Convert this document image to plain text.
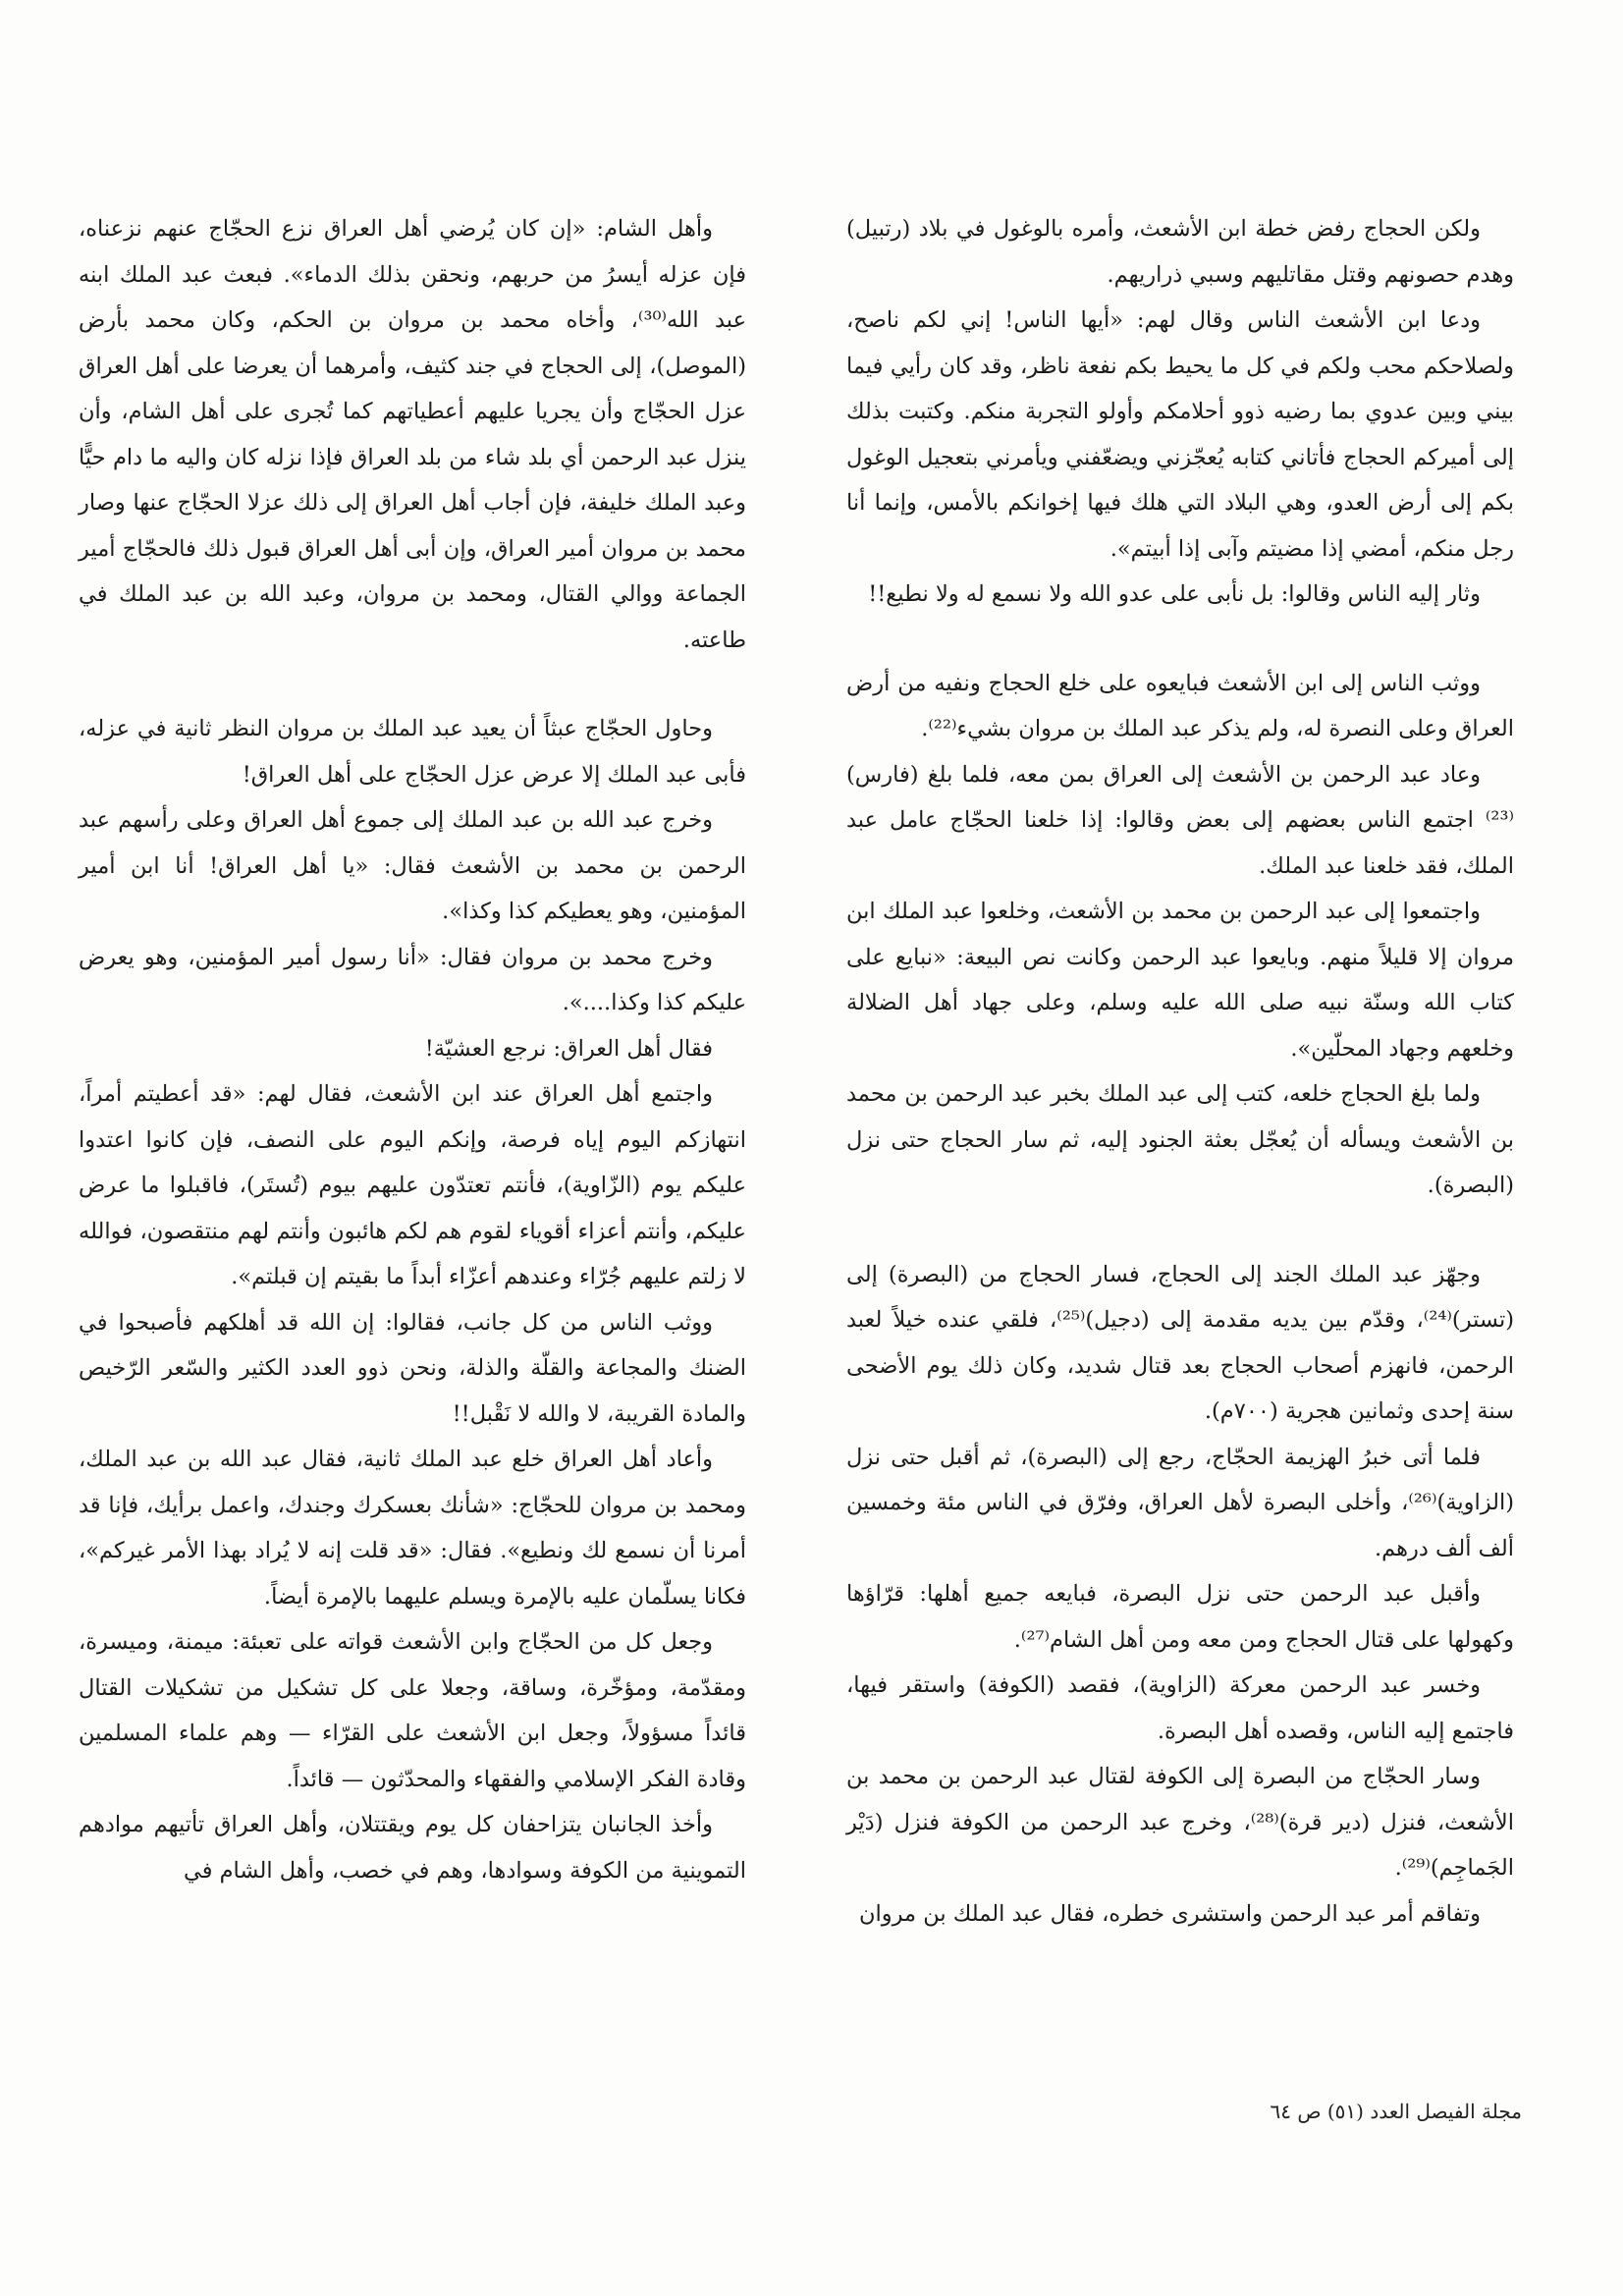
ولكن الحجاج رفض خطة ابن الأشعث، وأمره بالوغول في بلاد (رتبيل) وهدم حصونهم وقتل مقاتليهم وسبي ذراريهم.

ودعا ابن الأشعث الناس وقال لهم: «أيها الناس! إني لكم ناصح، ولصلاحكم محب ولكم في كل ما يحيط بكم نفعة ناظر، وقد كان رأيي فيما بيني وبين عدوي بما رضيه ذوو أحلامكم وأولو التجربة منكم. وكتبت بذلك إلى أميركم الحجاج فأتاني كتابه يُعجّزني ويضعّفني ويأمرني بتعجيل الوغول بكم إلى أرض العدو، وهي البلاد التي هلك فيها إخوانكم بالأمس، وإنما أنا رجل منكم، أمضي إذا مضيتم وآبى إذا أبيتم».

وثار إليه الناس وقالوا: بل نأبى على عدو الله ولا نسمع له ولا نطيع!!

ووثب الناس إلى ابن الأشعث فبايعوه على خلع الحجاج ونفيه من أرض العراق وعلى النصرة له، ولم يذكر عبد الملك بن مروان بشيء⁽²²⁾.

وعاد عبد الرحمن بن الأشعث إلى العراق بمن معه، فلما بلغ (فارس)⁽²³⁾ اجتمع الناس بعضهم إلى بعض وقالوا: إذا خلعنا الحجّاج عامل عبد الملك، فقد خلعنا عبد الملك.

واجتمعوا إلى عبد الرحمن بن محمد بن الأشعث، وخلعوا عبد الملك ابن مروان إلا قليلاً منهم. وبايعوا عبد الرحمن وكانت نص البيعة: «نبايع على كتاب الله وسنّة نبيه صلى الله عليه وسلم، وعلى جهاد أهل الضلالة وخلعهم وجهاد المحلّين».

ولما بلغ الحجاج خلعه، كتب إلى عبد الملك بخبر عبد الرحمن بن محمد بن الأشعث ويسأله أن يُعجّل بعثة الجنود إليه، ثم سار الحجاج حتى نزل (البصرة).

وجهّز عبد الملك الجند إلى الحجاج، فسار الحجاج من (البصرة) إلى (تستر)⁽²⁴⁾، وقدّم بين يديه مقدمة إلى (دجيل)⁽²⁵⁾، فلقي عنده خيلاً لعبد الرحمن، فانهزم أصحاب الحجاج بعد قتال شديد، وكان ذلك يوم الأضحى سنة إحدى وثمانين هجرية (٧٠٠م).

فلما أتى خبرُ الهزيمة الحجّاج، رجع إلى (البصرة)، ثم أقبل حتى نزل (الزاوية)⁽²⁶⁾، وأخلى البصرة لأهل العراق، وفرّق في الناس مئة وخمسين ألف ألف درهم.

وأقبل عبد الرحمن حتى نزل البصرة، فبايعه جميع أهلها: قرّاؤها وكهولها على قتال الحجاج ومن معه ومن أهل الشام⁽²⁷⁾.

وخسر عبد الرحمن معركة (الزاوية)، فقصد (الكوفة) واستقر فيها، فاجتمع إليه الناس، وقصده أهل البصرة.

وسار الحجّاج من البصرة إلى الكوفة لقتال عبد الرحمن بن محمد بن الأشعث، فنزل (دير قرة)⁽²⁸⁾، وخرج عبد الرحمن من الكوفة فنزل (دَيْر الجَماجِم)⁽²⁹⁾.

وتفاقم أمر عبد الرحمن واستشرى خطره، فقال عبد الملك بن مروان

وأهل الشام: «إن كان يُرضي أهل العراق نزع الحجّاج عنهم نزعناه، فإن عزله أيسرُ من حربهم، ونحقن بذلك الدماء». فبعث عبد الملك ابنه عبد الله⁽³⁰⁾، وأخاه محمد بن مروان بن الحكم، وكان محمد بأرض (الموصل)، إلى الحجاج في جند كثيف، وأمرهما أن يعرضا على أهل العراق عزل الحجّاج وأن يجريا عليهم أعطياتهم كما تُجرى على أهل الشام، وأن ينزل عبد الرحمن أي بلد شاء من بلد العراق فإذا نزله كان واليه ما دام حيًّا وعبد الملك خليفة، فإن أجاب أهل العراق إلى ذلك عزلا الحجّاج عنها وصار محمد بن مروان أمير العراق، وإن أبى أهل العراق قبول ذلك فالحجّاج أمير الجماعة ووالي القتال، ومحمد بن مروان، وعبد الله بن عبد الملك في طاعته.

وحاول الحجّاج عبثاً أن يعيد عبد الملك بن مروان النظر ثانية في عزله، فأبى عبد الملك إلا عرض عزل الحجّاج على أهل العراق!

وخرج عبد الله بن عبد الملك إلى جموع أهل العراق وعلى رأسهم عبد الرحمن بن محمد بن الأشعث فقال: «يا أهل العراق! أنا ابن أمير المؤمنين، وهو يعطيكم كذا وكذا».

وخرج محمد بن مروان فقال: «أنا رسول أمير المؤمنين، وهو يعرض عليكم كذا وكذا....».

فقال أهل العراق: نرجع العشيّة!

واجتمع أهل العراق عند ابن الأشعث، فقال لهم: «قد أعطيتم أمراً، انتهازكم اليوم إياه فرصة، وإنكم اليوم على النصف، فإن كانوا اعتدوا عليكم يوم (الزّاوية)، فأنتم تعتدّون عليهم بيوم (تُستَر)، فاقبلوا ما عرض عليكم، وأنتم أعزاء أقوياء لقوم هم لكم هائبون وأنتم لهم منتقصون، فوالله لا زلتم عليهم جُرّاء وعندهم أعزّاء أبداً ما بقيتم إن قبلتم».

ووثب الناس من كل جانب، فقالوا: إن الله قد أهلكهم فأصبحوا في الضنك والمجاعة والقلّة والذلة، ونحن ذوو العدد الكثير والسّعر الرّخيص والمادة القريبة، لا والله لا نَقْبل!!

وأعاد أهل العراق خلع عبد الملك ثانية، فقال عبد الله بن عبد الملك، ومحمد بن مروان للحجّاج: «شأنك بعسكرك وجندك، واعمل برأيك، فإنا قد أمرنا أن نسمع لك ونطيع». فقال: «قد قلت إنه لا يُراد بهذا الأمر غيركم»، فكانا يسلّمان عليه بالإمرة ويسلم عليهما بالإمرة أيضاً.

وجعل كل من الحجّاج وابن الأشعث قواته على تعبئة: ميمنة، وميسرة، ومقدّمة، ومؤخّرة، وساقة، وجعلا على كل تشكيل من تشكيلات القتال قائداً مسؤولاً، وجعل ابن الأشعث على القرّاء — وهم علماء المسلمين وقادة الفكر الإسلامي والفقهاء والمحدّثون — قائداً.

وأخذ الجانبان يتزاحفان كل يوم ويقتتلان، وأهل العراق تأتيهم موادهم التموينية من الكوفة وسوادها، وهم في خصب، وأهل الشام في

مجلة الفيصل العدد (٥١) ص ٦٤
